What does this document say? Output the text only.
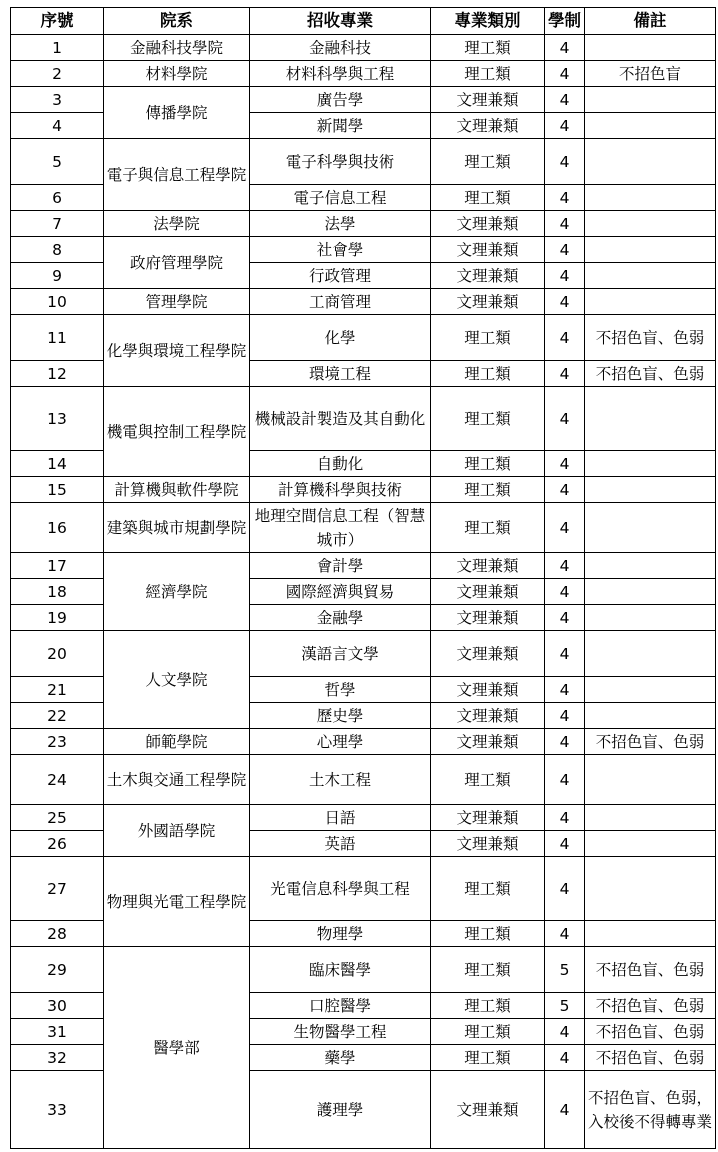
序號	院系	招收專業	專業類別	學制	備註
1	金融科技學院	金融科技	理工類	4	
2	材料學院	材料科學與工程	理工類	4	不招色盲
3	傳播學院	廣告學	文理兼類	4	
4		新聞學	文理兼類	4	
5	電子與信息工程學院	電子科學與技術	理工類	4	
6		電子信息工程	理工類	4	
7	法學院	法學	文理兼類	4	
8	政府管理學院	社會學	文理兼類	4	
9		行政管理	文理兼類	4	
10	管理學院	工商管理	文理兼類	4	
11	化學與環境工程學院	化學	理工類	4	不招色盲、色弱
12		環境工程	理工類	4	不招色盲、色弱
13	機電與控制工程學院	機械設計製造及其自動化	理工類	4	
14		自動化	理工類	4	
15	計算機與軟件學院	計算機科學與技術	理工類	4	
16	建築與城市規劃學院	地理空間信息工程（智慧城市）	理工類	4	
17	經濟學院	會計學	文理兼類	4	
18		國際經濟與貿易	文理兼類	4	
19		金融學	文理兼類	4	
20	人文學院	漢語言文學	文理兼類	4	
21		哲學	文理兼類	4	
22		歷史學	文理兼類	4	
23	師範學院	心理學	文理兼類	4	不招色盲、色弱
24	土木與交通工程學院	土木工程	理工類	4	
25	外國語學院	日語	文理兼類	4	
26		英語	文理兼類	4	
27	物理與光電工程學院	光電信息科學與工程	理工類	4	
28		物理學	理工類	4	
29	醫學部	臨床醫學	理工類	5	不招色盲、色弱
30		口腔醫學	理工類	5	不招色盲、色弱
31		生物醫學工程	理工類	4	不招色盲、色弱
32		藥學	理工類	4	不招色盲、色弱
33		護理學	文理兼類	4	不招色盲、色弱，入校後不得轉專業
